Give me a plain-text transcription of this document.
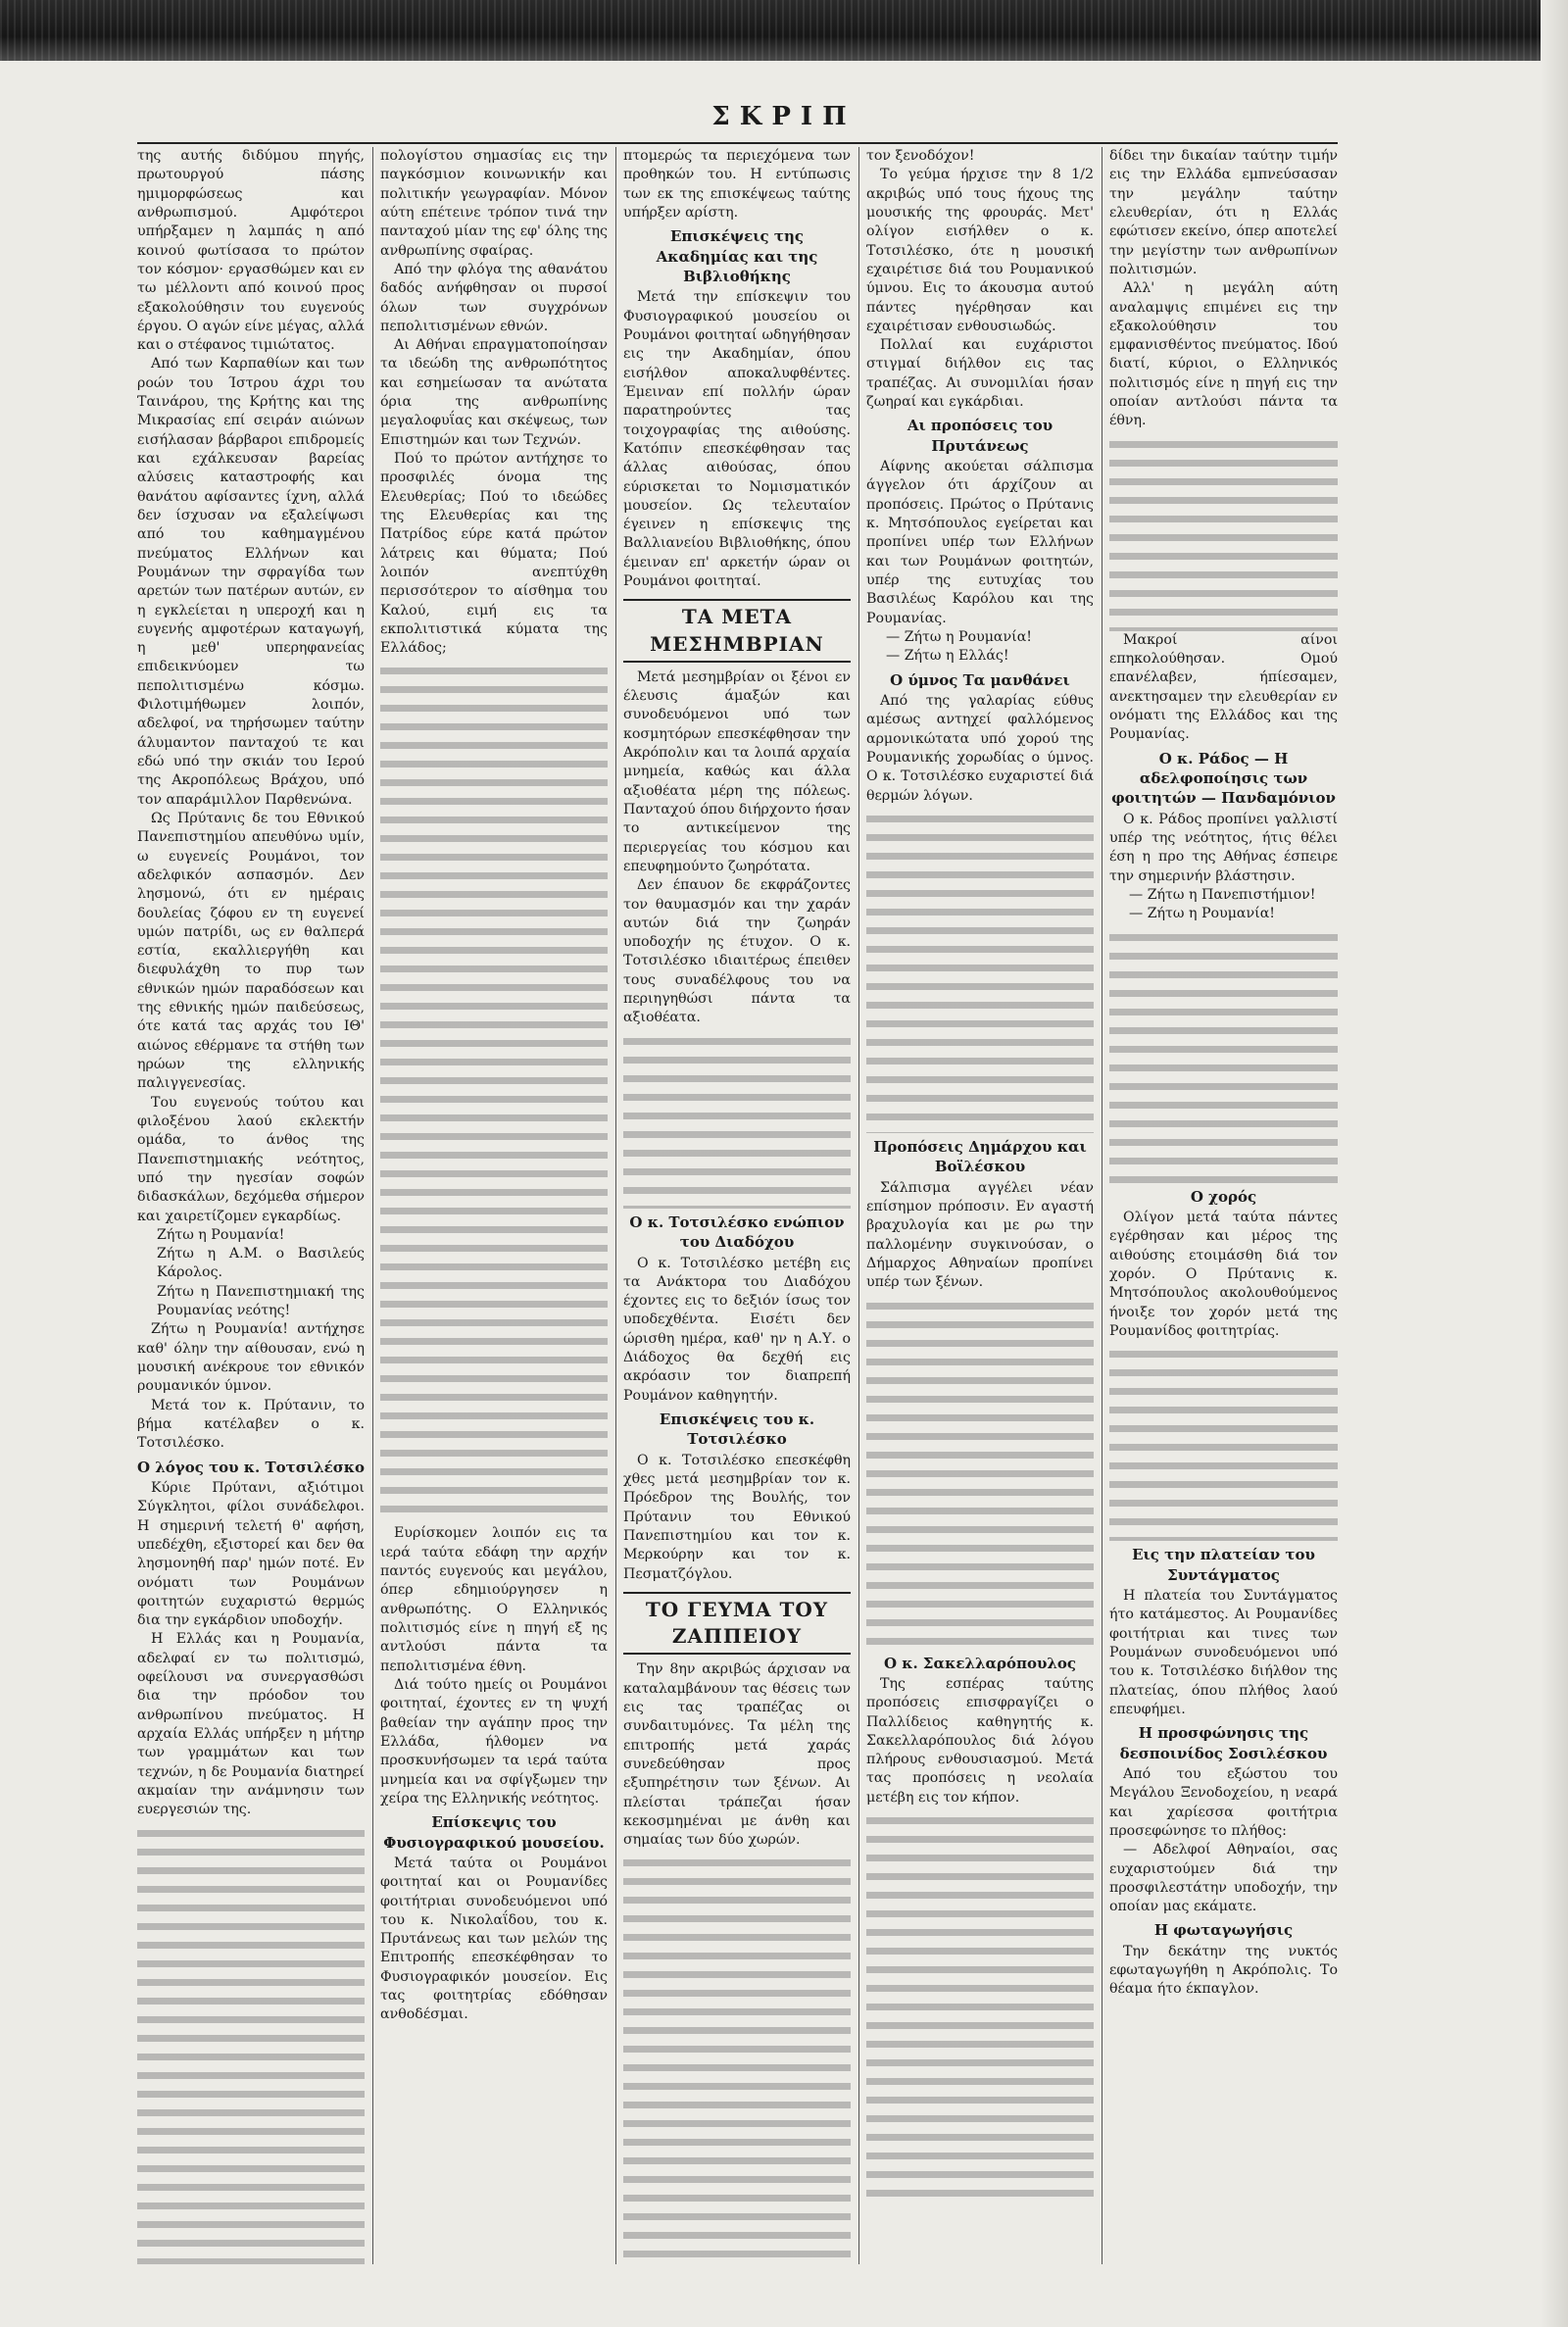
ΣΚΡΙΠ

της αυτής διδύμου πηγής, πρωτουργού πάσης ημιμορφώσεως και ανθρωπισμού. Αμφότεροι υπήρξαμεν η λαμπάς η από κοινού φωτίσασα το πρώτον τον κόσμον· εργασθώμεν και εν τω μέλλοντι από κοινού προς εξακολούθησιν του ευγενούς έργου. Ο αγών είνε μέγας, αλλά και ο στέφανος τιμιώτατος.

Από των Καρπαθίων και των ροών του Ίστρου άχρι του Ταινάρου, της Κρήτης και της Μικρασίας επί σειράν αιώνων εισήλασαν βάρβαροι επιδρομείς και εχάλκευσαν βαρείας αλύσεις καταστροφής και θανάτου αφίσαντες ίχνη, αλλά δεν ίσχυσαν να εξαλείψωσι από του καθημαγμένου πνεύματος Ελλήνων και Ρουμάνων την σφραγίδα των αρετών των πατέρων αυτών, εν η εγκλείεται η υπεροχή και η ευγενής αμφοτέρων καταγωγή, η μεθ' υπερηφανείας επιδεικνύομεν τω πεπολιτισμένω κόσμω. Φιλοτιμήθωμεν λοιπόν, αδελφοί, να τηρήσωμεν ταύτην άλυμαντον πανταχού τε και εδώ υπό την σκιάν του Ιερού της Ακροπόλεως Βράχου, υπό τον απαράμιλλον Παρθενώνα.

Ως Πρύτανις δε του Εθνικού Πανεπιστημίου απευθύνω υμίν, ω ευγενείς Ρουμάνοι, τον αδελφικόν ασπασμόν. Δεν λησμονώ, ότι εν ημέραις δουλείας ζόφου εν τη ευγενεί υμών πατρίδι, ως εν θαλπερά εστία, εκαλλιεργήθη και διεφυλάχθη το πυρ των εθνικών ημών παραδόσεων και της εθνικής ημών παιδεύσεως, ότε κατά τας αρχάς του ΙΘ' αιώνος εθέρμανε τα στήθη των ηρώων της ελληνικής παλιγγενεσίας.

Του ευγενούς τούτου και φιλοξένου λαού εκλεκτήν ομάδα, το άνθος της Πανεπιστημιακής νεότητος, υπό την ηγεσίαν σοφών διδασκάλων, δεχόμεθα σήμερον και χαιρετίζομεν εγκαρδίως.

Ζήτω η Ρουμανία!

Ζήτω η Α.Μ. ο Βασιλεύς Κάρολος.

Ζήτω η Πανεπιστημιακή της Ρουμανίας νεότης!

Ζήτω η Ρουμανία! αντήχησε καθ' όλην την αίθουσαν, ενώ η μουσική ανέκρουε τον εθνικόν ρουμανικόν ύμνον.

Μετά τον κ. Πρύτανιν, το βήμα κατέλαβεν ο κ. Τοτσιλέσκο.

Ο λόγος του κ. Τοτσιλέσκο

Κύριε Πρύτανι, αξιότιμοι Σύγκλητοι, φίλοι συνάδελφοι. Η σημερινή τελετή θ' αφήση, υπεδέχθη, εξιστορεί και δεν θα λησμονηθή παρ' ημών ποτέ. Εν ονόματι των Ρουμάνων φοιτητών ευχαριστώ θερμώς δια την εγκάρδιον υποδοχήν.

Η Ελλάς και η Ρουμανία, αδελφαί εν τω πολιτισμώ, οφείλουσι να συνεργασθώσι δια την πρόοδον του ανθρωπίνου πνεύματος. Η αρχαία Ελλάς υπήρξεν η μήτηρ των γραμμάτων και των τεχνών, η δε Ρουμανία διατηρεί ακμαίαν την ανάμνησιν των ευεργεσιών της.

πολογίστου σημασίας εις την παγκόσμιον κοινωνικήν και πολιτικήν γεωγραφίαν. Μόνον αύτη επέτεινε τρόπον τινά την πανταχού μίαν της εφ' όλης της ανθρωπίνης σφαίρας.

Από την φλόγα της αθανάτου δαδός ανήφθησαν οι πυρσοί όλων των συγχρόνων πεπολιτισμένων εθνών.

Αι Αθήναι επραγματοποίησαν τα ιδεώδη της ανθρωπότητος και εσημείωσαν τα ανώτατα όρια της ανθρωπίνης μεγαλοφυΐας και σκέψεως, των Επιστημών και των Τεχνών.

Πού το πρώτον αντήχησε το προσφιλές όνομα της Ελευθερίας; Πού το ιδεώδες της Ελευθερίας και της Πατρίδος εύρε κατά πρώτον λάτρεις και θύματα; Πού λοιπόν ανεπτύχθη περισσότερον το αίσθημα του Καλού, ειμή εις τα εκπολιτιστικά κύματα της Ελλάδος;

Ευρίσκομεν λοιπόν εις τα ιερά ταύτα εδάφη την αρχήν παντός ευγενούς και μεγάλου, όπερ εδημιούργησεν η ανθρωπότης. Ο Ελληνικός πολιτισμός είνε η πηγή εξ ης αντλούσι πάντα τα πεπολιτισμένα έθνη.

Διά τούτο ημείς οι Ρουμάνοι φοιτηταί, έχοντες εν τη ψυχή βαθείαν την αγάπην προς την Ελλάδα, ήλθομεν να προσκυνήσωμεν τα ιερά ταύτα μνημεία και να σφίγξωμεν την χείρα της Ελληνικής νεότητος.

Επίσκεψις του Φυσιογραφικού μουσείου.

Μετά ταύτα οι Ρουμάνοι φοιτηταί και οι Ρουμανίδες φοιτήτριαι συνοδευόμενοι υπό του κ. Νικολαΐδου, του κ. Πρυτάνεως και των μελών της Επιτροπής επεσκέφθησαν το Φυσιογραφικόν μουσείον. Εις τας φοιτητρίας εδόθησαν ανθοδέσμαι.

πτομερώς τα περιεχόμενα των προθηκών του. Η εντύπωσις των εκ της επισκέψεως ταύτης υπήρξεν αρίστη.

Επισκέψεις της Ακαδημίας και της Βιβλιοθήκης

Μετά την επίσκεψιν του Φυσιογραφικού μουσείου οι Ρουμάνοι φοιτηταί ωδηγήθησαν εις την Ακαδημίαν, όπου εισήλθον αποκαλυφθέντες. Έμειναν επί πολλήν ώραν παρατηρούντες τας τοιχογραφίας της αιθούσης. Κατόπιν επεσκέφθησαν τας άλλας αιθούσας, όπου εύρισκεται το Νομισματικόν μουσείον. Ως τελευταίον έγεινεν η επίσκεψις της Βαλλιανείου Βιβλιοθήκης, όπου έμειναν επ' αρκετήν ώραν οι Ρουμάνοι φοιτηταί.

ΤΑ ΜΕΤΑ ΜΕΣΗΜΒΡΙΑΝ

Μετά μεσημβρίαν οι ξένοι εν έλευσις άμαξών και συνοδευόμενοι υπό των κοσμητόρων επεσκέφθησαν την Ακρόπολιν και τα λοιπά αρχαία μνημεία, καθώς και άλλα αξιοθέατα μέρη της πόλεως. Πανταχού όπου διήρχοντο ήσαν το αντικείμενον της περιεργείας του κόσμου και επευφημούντο ζωηρότατα.

Δεν έπαυον δε εκφράζοντες τον θαυμασμόν και την χαράν αυτών διά την ζωηράν υποδοχήν ης έτυχον. Ο κ. Τοτσιλέσκο ιδιαιτέρως έπειθεν τους συναδέλφους του να περιηγηθώσι πάντα τα αξιοθέατα.

Ο κ. Τοτσιλέσκο ενώπιον του Διαδόχου

Ο κ. Τοτσιλέσκο μετέβη εις τα Ανάκτορα του Διαδόχου έχοντες εις το δεξιόν ίσως τον υποδεχθέντα. Εισέτι δεν ώρισθη ημέρα, καθ' ην η Α.Υ. ο Διάδοχος θα δεχθή εις ακρόασιν τον διαπρεπή Ρουμάνον καθηγητήν.

Επισκέψεις του κ. Τοτσιλέσκο

Ο κ. Τοτσιλέσκο επεσκέφθη χθες μετά μεσημβρίαν τον κ. Πρόεδρον της Βουλής, τον Πρύτανιν του Εθνικού Πανεπιστημίου και τον κ. Μερκούρην και τον κ. Πεσματζόγλου.

ΤΟ ΓΕΥΜΑ ΤΟΥ ΖΑΠΠΕΙΟΥ

Την 8ην ακριβώς άρχισαν να καταλαμβάνουν τας θέσεις των εις τας τραπέζας οι συνδαιτυμόνες. Τα μέλη της επιτροπής μετά χαράς συνεδεύθησαν προς εξυπηρέτησιν των ξένων. Αι πλείσται τράπεζαι ήσαν κεκοσμημέναι με άνθη και σημαίας των δύο χωρών.

τον ξενοδόχον!

Το γεύμα ήρχισε την 8 1/2 ακριβώς υπό τους ήχους της μουσικής της φρουράς. Μετ' ολίγον εισήλθεν ο κ. Τοτσιλέσκο, ότε η μουσική εχαιρέτισε διά του Ρουμανικού ύμνου. Εις το άκουσμα αυτού πάντες ηγέρθησαν και εχαιρέτισαν ενθουσιωδώς.

Πολλαί και ευχάριστοι στιγμαί διήλθον εις τας τραπέζας. Αι συνομιλίαι ήσαν ζωηραί και εγκάρδιαι.

Αι προπόσεις του Πρυτάνεως

Αίφνης ακούεται σάλπισμα άγγελον ότι άρχίζουν αι προπόσεις. Πρώτος ο Πρύτανις κ. Μητσόπουλος εγείρεται και προπίνει υπέρ των Ελλήνων και των Ρουμάνων φοιτητών, υπέρ της ευτυχίας του Βασιλέως Καρόλου και της Ρουμανίας.

— Ζήτω η Ρουμανία!

— Ζήτω η Ελλάς!

Ο ύμνος Τα μανθάνει

Από της γαλαρίας εύθυς αμέσως αντηχεί φαλλόμενος αρμονικώτατα υπό χορού της Ρουμανικής χορωδίας ο ύμνος. Ο κ. Τοτσιλέσκο ευχαριστεί διά θερμών λόγων.

Προπόσεις Δημάρχου και Βοϊλέσκου

Σάλπισμα αγγέλει νέαν επίσημον πρόποσιν. Εν αγαστή βραχυλογία και με ρω την παλλομένην συγκινούσαν, ο Δήμαρχος Αθηναίων προπίνει υπέρ των ξένων.

Ο κ. Σακελλαρόπουλος

Της εσπέρας ταύτης προπόσεις επισφραγίζει ο Παλλίδειος καθηγητής κ. Σακελλαρόπουλος διά λόγου πλήρους ενθουσιασμού. Μετά τας προπόσεις η νεολαία μετέβη εις τον κήπον.

δίδει την δικαίαν ταύτην τιμήν εις την Ελλάδα εμπνεύσασαν την μεγάλην ταύτην ελευθερίαν, ότι η Ελλάς εφώτισεν εκείνο, όπερ αποτελεί την μεγίστην των ανθρωπίνων πολιτισμών.

Αλλ' η μεγάλη αύτη αναλαμψις επιμένει εις την εξακολούθησιν του εμφανισθέντος πνεύματος. Ιδού διατί, κύριοι, ο Ελληνικός πολιτισμός είνε η πηγή εις την οποίαν αντλούσι πάντα τα έθνη.

Μακροί αίνοι επηκολούθησαν. Ομού επανέλαβεν, ήπίεσαμεν, ανεκτησαμεν την ελευθερίαν εν ονόματι της Ελλάδος και της Ρουμανίας.

Ο κ. Ράδος — Η αδελφοποίησις των φοιτητών — Πανδαμόνιον

Ο κ. Ράδος προπίνει γαλλιστί υπέρ της νεότητος, ήτις θέλει έση η προ της Αθήνας έσπειρε την σημερινήν βλάστησιν.

— Ζήτω η Πανεπιστήμιον!

— Ζήτω η Ρουμανία!

Ο χορός

Ολίγον μετά ταύτα πάντες εγέρθησαν και μέρος της αιθούσης ετοιμάσθη διά τον χορόν. Ο Πρύτανις κ. Μητσόπουλος ακολουθούμενος ήνοιξε τον χορόν μετά της Ρουμανίδος φοιτητρίας.

Εις την πλατείαν του Συντάγματος

Η πλατεία του Συντάγματος ήτο κατάμεστος. Αι Ρουμανίδες φοιτήτριαι και τινες των Ρουμάνων συνοδευόμενοι υπό του κ. Τοτσιλέσκο διήλθον της πλατείας, όπου πλήθος λαού επευφήμει.

Η προσφώνησις της δεσποινίδος Σοσιλέσκου

Από του εξώστου του Μεγάλου Ξενοδοχείου, η νεαρά και χαρίεσσα φοιτήτρια προσεφώνησε το πλήθος:

— Αδελφοί Αθηναίοι, σας ευχαριστούμεν διά την προσφιλεστάτην υποδοχήν, την οποίαν μας εκάματε.

Η φωταγωγήσις

Την δεκάτην της νυκτός εφωταγωγήθη η Ακρόπολις. Το θέαμα ήτο έκπαγλον.
